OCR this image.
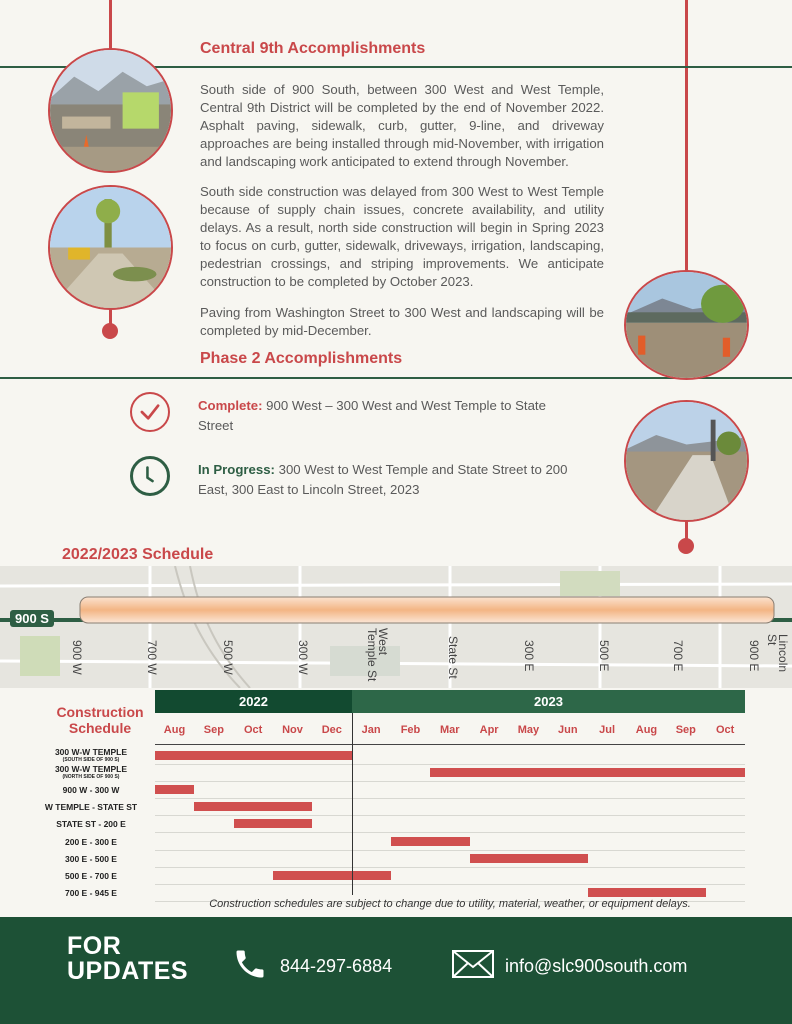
Central 9th Accomplishments

South side of 900 South, between 300 West and West Temple, Central 9th District will be completed by the end of November 2022. Asphalt paving, sidewalk, curb, gutter, 9-line, and driveway approaches are being installed through mid-November, with irrigation and landscaping work anticipated to extend through November.

South side construction was delayed from 300 West to West Temple because of supply chain issues, concrete availability, and utility delays. As a result, north side construction will begin in Spring 2023 to focus on curb, gutter, sidewalk, driveways, irrigation, landscaping, pedestrian crossings, and striping improvements. We anticipate construction to be completed by October 2023.

Paving from Washington Street to 300 West and landscaping will be completed by mid-December.

Phase 2 Accomplishments
Complete: 900 West – 300 West and West Temple to State Street
In Progress: 300 West to West Temple and State Street to 200 East, 300 East to Lincoln Street, 2023
2022/2023 Schedule
900 S
900 W	700 W	500 W	300 W	West
Temple St	State St	300 E	500 E	700 E	900 E	Lincoln
St
Construction Schedule
2022	2023
Aug	Sep	Oct	Nov	Dec	Jan	Feb	Mar	Apr	May	Jun	Jul	Aug	Sep	Oct
300 W-W TEMPLE
(SOUTH SIDE OF 900 S)
300 W-W TEMPLE
(NORTH SIDE OF 900 S)
900 W - 300 W
W TEMPLE - STATE ST
STATE ST - 200 E
200 E - 300 E
300 E - 500 E
500 E - 700 E
700 E - 945 E
Construction schedules are subject to change due to utility, material, weather, or equipment delays.
FOR
UPDATES	844-297-6884	info@slc900south.com
